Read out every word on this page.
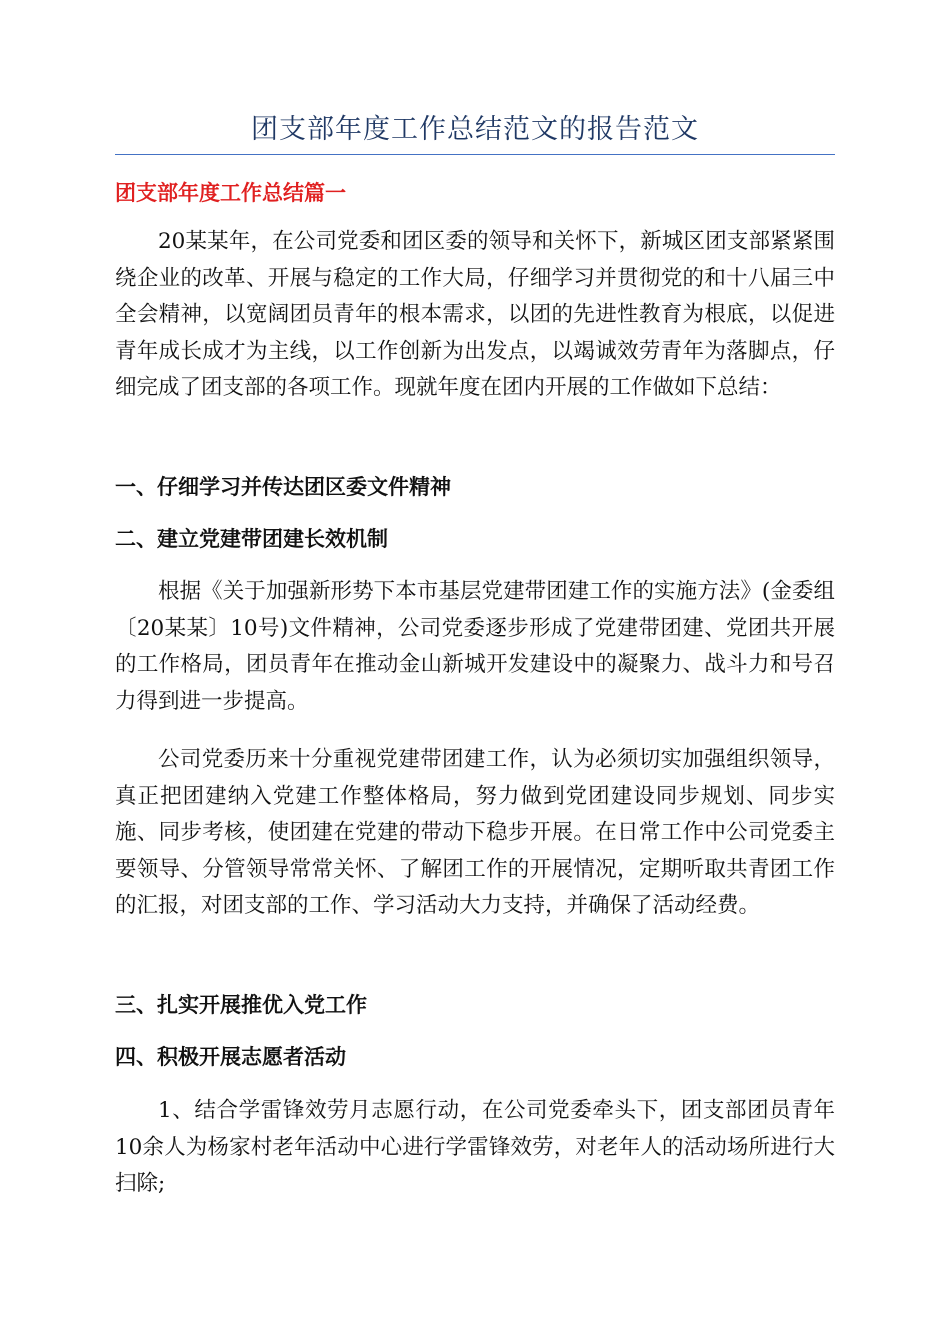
团支部年度工作总结范文的报告范文
团支部年度工作总结篇一

20某某年，在公司党委和团区委的领导和关怀下，新城区团支部紧紧围绕企业的改革、开展与稳定的工作大局，仔细学习并贯彻党的和十八届三中全会精神，以宽阔团员青年的根本需求，以团的先进性教育为根底，以促进青年成长成才为主线，以工作创新为出发点，以竭诚效劳青年为落脚点，仔细完成了团支部的各项工作。现就年度在团内开展的工作做如下总结：

一、仔细学习并传达团区委文件精神
二、建立党建带团建长效机制

根据《关于加强新形势下本市基层党建带团建工作的实施方法》(金委组〔20某某〕10号)文件精神，公司党委逐步形成了党建带团建、党团共开展的工作格局，团员青年在推动金山新城开发建设中的凝聚力、战斗力和号召力得到进一步提高。

公司党委历来十分重视党建带团建工作，认为必须切实加强组织领导，真正把团建纳入党建工作整体格局，努力做到党团建设同步规划、同步实施、同步考核，使团建在党建的带动下稳步开展。在日常工作中公司党委主要领导、分管领导常常关怀、了解团工作的开展情况，定期听取共青团工作的汇报，对团支部的工作、学习活动大力支持，并确保了活动经费。

三、扎实开展推优入党工作
四、积极开展志愿者活动

1、结合学雷锋效劳月志愿行动，在公司党委牵头下，团支部团员青年10余人为杨家村老年活动中心进行学雷锋效劳，对老年人的活动场所进行大扫除;
